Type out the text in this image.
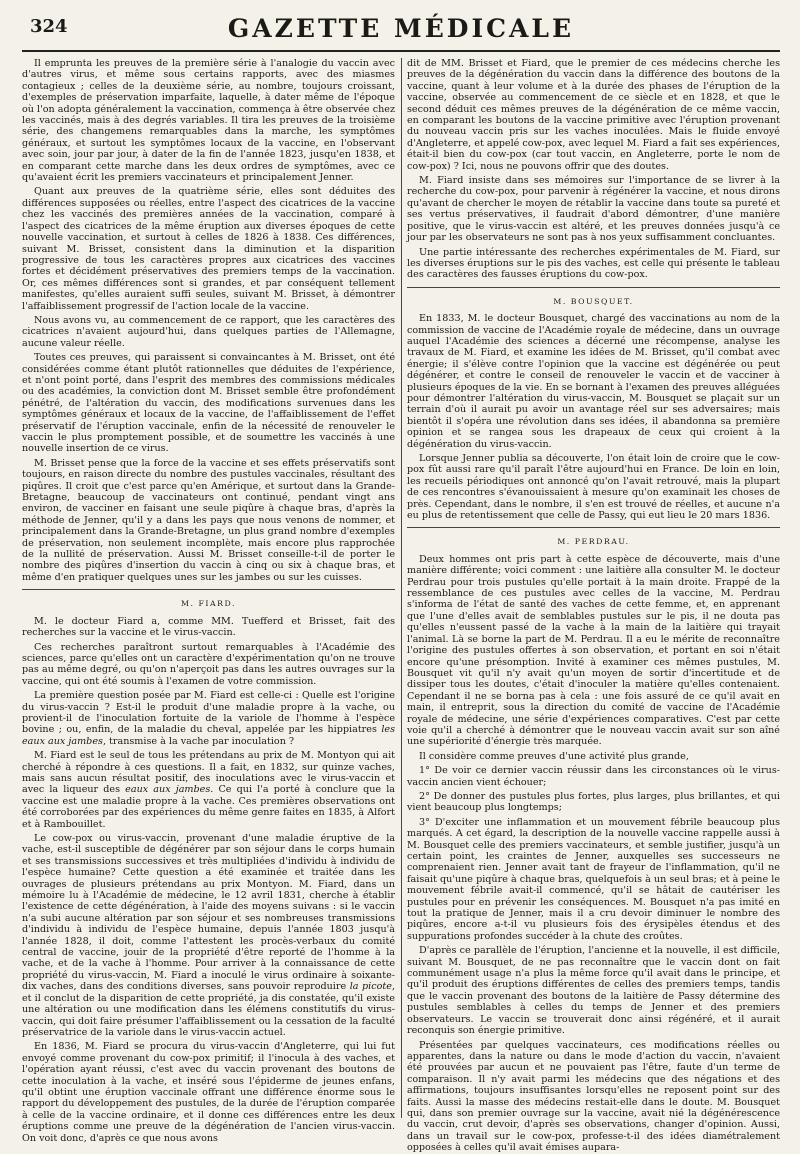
324	GAZETTE MÉDICALE

Il emprunta les preuves de la première série à l'analogie du vaccin avec d'autres virus, et même sous certains rapports, avec des miasmes contagieux ; celles de la deuxième série, au nombre, toujours croissant, d'exemples de préservation imparfaite, laquelle, à dater même de l'époque où l'on adopta généralement la vaccination, commença à être observée chez les vaccinés, mais à des degrés variables. Il tira les preuves de la troisième série, des changemens remarquables dans la marche, les symptômes généraux, et surtout les symptômes locaux de la vaccine, en l'observant avec soin, jour par jour, à dater de la fin de l'année 1823, jusqu'en 1838, et en comparant cette marche dans les deux ordres de symptômes, avec ce qu'avaient écrit les premiers vaccinateurs et principalement Jenner.

Quant aux preuves de la quatrième série, elles sont déduites des différences supposées ou réelles, entre l'aspect des cicatrices de la vaccine chez les vaccinés des premières années de la vaccination, comparé à l'aspect des cicatrices de la même éruption aux diverses époques de cette nouvelle vaccination, et surtout à celles de 1826 à 1838. Ces différences, suivant M. Brisset, consistent dans la diminution et la disparition progressive de tous les caractères propres aux cicatrices des vaccines fortes et décidément préservatives des premiers temps de la vaccination. Or, ces mêmes différences sont si grandes, et par conséquent tellement manifestes, qu'elles auraient suffi seules, suivant M. Brisset, à démontrer l'affaiblissement progressif de l'action locale de la vaccine.

Nous avons vu, au commencement de ce rapport, que les caractères des cicatrices n'avaient aujourd'hui, dans quelques parties de l'Allemagne, aucune valeur réelle.

Toutes ces preuves, qui paraissent si convaincantes à M. Brisset, ont été considérées comme étant plutôt rationnelles que déduites de l'expérience, et n'ont point porté, dans l'esprit des membres des commissions médicales ou des académies, la conviction dont M. Brisset semble être profondément pénétré, de l'altération du vaccin, des modifications survenues dans les symptômes généraux et locaux de la vaccine, de l'affaiblissement de l'effet préservatif de l'éruption vaccinale, enfin de la nécessité de renouveler le vaccin le plus promptement possible, et de soumettre les vaccinés à une nouvelle insertion de ce virus.

M. Brisset pense que la force de la vaccine et ses effets préservatifs sont toujours, en raison directe du nombre des pustules vaccinales, résultant des piqûres. Il croit que c'est parce qu'en Amérique, et surtout dans la Grande-Bretagne, beaucoup de vaccinateurs ont continué, pendant vingt ans environ, de vacciner en faisant une seule piqûre à chaque bras, d'après la méthode de Jenner, qu'il y a dans les pays que nous venons de nommer, et principalement dans la Grande-Bretagne, un plus grand nombre d'exemples de préservation, non seulement incomplète, mais encore plus rapprochée de la nullité de préservation. Aussi M. Brisset conseille-t-il de porter le nombre des piqûres d'insertion du vaccin à cinq ou six à chaque bras, et même d'en pratiquer quelques unes sur les jambes ou sur les cuisses.

M. FIARD.

M. le docteur Fiard a, comme MM. Tuefferd et Brisset, fait des recherches sur la vaccine et le virus-vaccin.

Ces recherches paraîtront surtout remarquables à l'Académie des sciences, parce qu'elles ont un caractère d'expérimentation qu'on ne trouve pas au même degré, ou qu'on n'aperçoit pas dans les autres ouvrages sur la vaccine, qui ont été soumis à l'examen de votre commission.

La première question posée par M. Fiard est celle-ci : Quelle est l'origine du virus-vaccin ? Est-il le produit d'une maladie propre à la vache, ou provient-il de l'inoculation fortuite de la variole de l'homme à l'espèce bovine ; ou, enfin, de la maladie du cheval, appelée par les hippiatres les eaux aux jambes, transmise à la vache par inoculation ?

M. Fiard est le seul de tous les prétendans au prix de M. Montyon qui ait cherché à répondre à ces questions. Il a fait, en 1832, sur quinze vaches, mais sans aucun résultat positif, des inoculations avec le virus-vaccin et avec la liqueur des eaux aux jambes. Ce qui l'a porté à conclure que la vaccine est une maladie propre à la vache. Ces premières observations ont été corroborées par des expériences du même genre faites en 1835, à Alfort et à Rambouillet.

Le cow-pox ou virus-vaccin, provenant d'une maladie éruptive de la vache, est-il susceptible de dégénérer par son séjour dans le corps humain et ses transmissions successives et très multipliées d'individu à individu de l'espèce humaine? Cette question a été examinée et traitée dans les ouvrages de plusieurs prétendans au prix Montyon. M. Fiard, dans un mémoire lu à l'Académie de médecine, le 12 avril 1831, cherche à établir l'existence de cette dégénération, à l'aide des moyens suivans : si le vaccin n'a subi aucune altération par son séjour et ses nombreuses transmissions d'individu à individu de l'espèce humaine, depuis l'année 1803 jusqu'à l'année 1828, il doit, comme l'attestent les procès-verbaux du comité central de vaccine, jouir de la propriété d'être reporté de l'homme à la vache, et de la vache à l'homme. Pour arriver à la connaissance de cette propriété du virus-vaccin, M. Fiard a inoculé le virus ordinaire à soixante-dix vaches, dans des conditions diverses, sans pouvoir reproduire la picote, et il conclut de la disparition de cette propriété, ja dis constatée, qu'il existe une altération ou une modification dans les élémens constitutifs du virus-vaccin, qui doit faire présumer l'affaiblissement ou la cessation de la faculté préservatrice de la variole dans le virus-vaccin actuel.

En 1836, M. Fiard se procura du virus-vaccin d'Angleterre, qui lui fut envoyé comme provenant du cow-pox primitif; il l'inocula à des vaches, et l'opération ayant réussi, c'est avec du vaccin provenant des boutons de cette inoculation à la vache, et inséré sous l'épiderme de jeunes enfans, qu'il obtint une éruption vaccinale offrant une différence énorme sous le rapport du développement des pustules, de la durée de l'éruption comparée à celle de la vaccine ordinaire, et il donne ces différences entre les deux éruptions comme une preuve de la dégénération de l'ancien virus-vaccin. On voit donc, d'après ce que nous avons

dit de MM. Brisset et Fiard, que le premier de ces médecins cherche les preuves de la dégénération du vaccin dans la différence des boutons de la vaccine, quant à leur volume et à la durée des phases de l'éruption de la vaccine, observée au commencement de ce siècle et en 1828, et que le second déduit ces mêmes preuves de la dégénération de ce même vaccin, en comparant les boutons de la vaccine primitive avec l'éruption provenant du nouveau vaccin pris sur les vaches inoculées. Mais le fluide envoyé d'Angleterre, et appelé cow-pox, avec lequel M. Fiard a fait ses expériences, était-il bien du cow-pox (car tout vaccin, en Angleterre, porte le nom de cow-pox) ? Ici, nous ne pouvons offrir que des doutes.

M. Fiard insiste dans ses mémoires sur l'importance de se livrer à la recherche du cow-pox, pour parvenir à régénérer la vaccine, et nous dirons qu'avant de chercher le moyen de rétablir la vaccine dans toute sa pureté et ses vertus préservatives, il faudrait d'abord démontrer, d'une manière positive, que le virus-vaccin est altéré, et les preuves données jusqu'à ce jour par les observateurs ne sont pas à nos yeux suffisamment concluantes.

Une partie intéressante des recherches expérimentales de M. Fiard, sur les diverses éruptions sur le pis des vaches, est celle qui présente le tableau des caractères des fausses éruptions du cow-pox.

M. BOUSQUET.

En 1833, M. le docteur Bousquet, chargé des vaccinations au nom de la commission de vaccine de l'Académie royale de médecine, dans un ouvrage auquel l'Académie des sciences a décerné une récompense, analyse les travaux de M. Fiard, et examine les idées de M. Brisset, qu'il combat avec énergie; il s'élève contre l'opinion que la vaccine est dégénérée ou peut dégénérer, et contre le conseil de renouveler le vaccin et de vacciner à plusieurs époques de la vie. En se bornant à l'examen des preuves alléguées pour démontrer l'altération du virus-vaccin, M. Bousquet se plaçait sur un terrain d'où il aurait pu avoir un avantage réel sur ses adversaires; mais bientôt il s'opéra une révolution dans ses idées, il abandonna sa première opinion et se rangea sous les drapeaux de ceux qui croient à la dégénération du virus-vaccin.

Lorsque Jenner publia sa découverte, l'on était loin de croire que le cow-pox fût aussi rare qu'il paraît l'être aujourd'hui en France. De loin en loin, les recueils périodiques ont annoncé qu'on l'avait retrouvé, mais la plupart de ces rencontres s'évanouissaient à mesure qu'on examinait les choses de près. Cependant, dans le nombre, il s'en est trouvé de réelles, et aucune n'a eu plus de retentissement que celle de Passy, qui eut lieu le 20 mars 1836.

M. PERDRAU.

Deux hommes ont pris part à cette espèce de découverte, mais d'une manière différente; voici comment : une laitière alla consulter M. le docteur Perdrau pour trois pustules qu'elle portait à la main droite. Frappé de la ressemblance de ces pustules avec celles de la vaccine, M. Perdrau s'informa de l'état de santé des vaches de cette femme, et, en apprenant que l'une d'elles avait de semblables pustules sur le pis, il ne douta pas qu'elles n'eussent passé de la vache à la main de la laitière qui trayait l'animal. Là se borne la part de M. Perdrau. Il a eu le mérite de reconnaître l'origine des pustules offertes à son observation, et portant en soi n'était encore qu'une présomption. Invité à examiner ces mêmes pustules, M. Bousquet vit qu'il n'y avait qu'un moyen de sortir d'incertitude et de dissiper tous les doutes, c'était d'inoculer la matière qu'elles contenaient. Cependant il ne se borna pas à cela : une fois assuré de ce qu'il avait en main, il entreprit, sous la direction du comité de vaccine de l'Académie royale de médecine, une série d'expériences comparatives. C'est par cette voie qu'il a cherché à démontrer que le nouveau vaccin avait sur son aîné une supériorité d'énergie très marquée.

Il considère comme preuves d'une activité plus grande,

1° De voir ce dernier vaccin réussir dans les circonstances où le virus-vaccin ancien vient échouer;

2° De donner des pustules plus fortes, plus larges, plus brillantes, et qui vient beaucoup plus longtemps;

3° D'exciter une inflammation et un mouvement fébrile beaucoup plus marqués. A cet égard, la description de la nouvelle vaccine rappelle aussi à M. Bousquet celle des premiers vaccinateurs, et semble justifier, jusqu'à un certain point, les craintes de Jenner, auxquelles ses successeurs ne comprenaient rien. Jenner avait tant de frayeur de l'inflammation, qu'il ne faisait qu'une piqûre à chaque bras, quelquefois à un seul bras; et à peine le mouvement fébrile avait-il commencé, qu'il se hâtait de cautériser les pustules pour en prévenir les conséquences. M. Bousquet n'a pas imité en tout la pratique de Jenner, mais il a cru devoir diminuer le nombre des piqûres, encore a-t-il vu plusieurs fois des érysipèles étendus et des suppurations profondes succéder à la chute des croûtes.

D'après ce parallèle de l'éruption, l'ancienne et la nouvelle, il est difficile, suivant M. Bousquet, de ne pas reconnaître que le vaccin dont on fait communément usage n'a plus la même force qu'il avait dans le principe, et qu'il produit des éruptions différentes de celles des premiers temps, tandis que le vaccin provenant des boutons de la laitière de Passy détermine des pustules semblables à celles du temps de Jenner et des premiers observateurs. Le vaccin se trouverait donc ainsi régénéré, et il aurait reconquis son énergie primitive.

Présentées par quelques vaccinateurs, ces modifications réelles ou apparentes, dans la nature ou dans le mode d'action du vaccin, n'avaient été prouvées par aucun et ne pouvaient pas l'être, faute d'un terme de comparaison. Il n'y avait parmi les médecins que des négations et des affirmations, toujours insuffisantes lorsqu'elles ne reposent point sur des faits. Aussi la masse des médecins restait-elle dans le doute. M. Bousquet qui, dans son premier ouvrage sur la vaccine, avait nié la dégénérescence du vaccin, crut devoir, d'après ses observations, changer d'opinion. Aussi, dans un travail sur le cow-pox, professe-t-il des idées diamétralement opposées à celles qu'il avait émises aupara-
